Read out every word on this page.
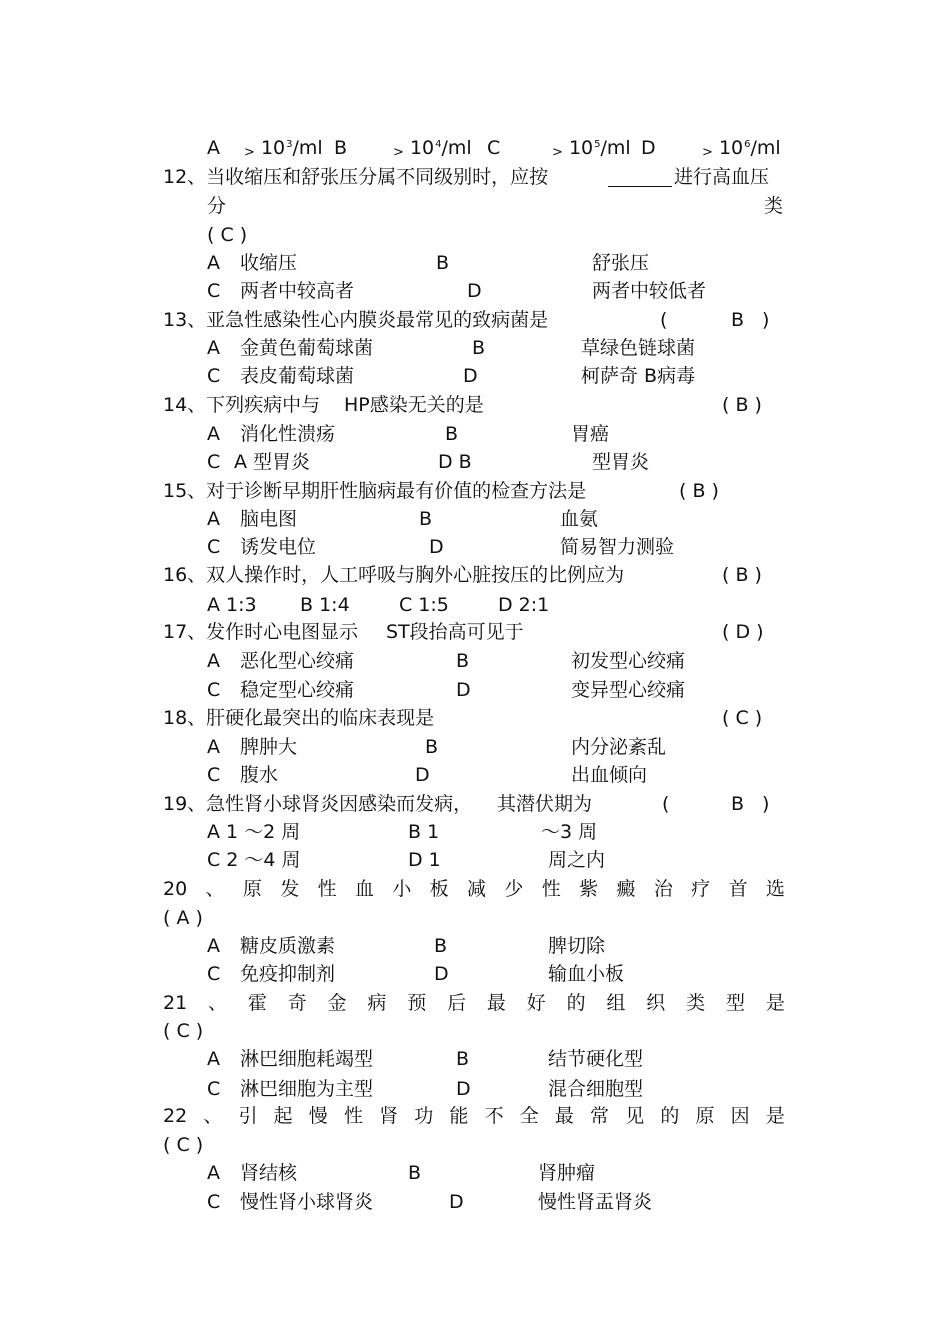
$A > 10^3/ml$ B	> $10^4/ml$ C	> $10^5/ml$ D	> $10^6/ml$
12、当收缩压和舒张压分属不同级别时，应按	进行高血压
分	类
( C )
A 收缩压	B	舒张压
C 两者中较高者	D	两者中较低者
13、亚急性感染性心内膜炎最常见的致病菌是	(	B )
A 金黄色葡萄球菌	B	草绿色链球菌
C 表皮葡萄球菌	D	柯萨奇 B病毒
14、下列疾病中与 HP感染无关的是	( B )
A 消化性溃疡	B	胃癌
C A 型胃炎	D B	型胃炎
15、对于诊断早期肝性脑病最有价值的检查方法是	( B )
A 脑电图	B	血氨
C 诱发电位	D	简易智力测验
16、双人操作时，人工呼吸与胸外心脏按压的比例应为	( B )
A 1:3 B 1:4	C 1:5	D 2:1
17、发作时心电图显示 ST段抬高可见于	( D )
A 恶化型心绞痛	B	初发型心绞痛
C 稳定型心绞痛	D	变异型心绞痛
18、肝硬化最突出的临床表现是	( C )
A 脾肿大	B	内分泌紊乱
C 腹水	D	出血倾向
19、急性肾小球肾炎因感染而发病， 其潜伏期为	(	B )
A 1 ～2 周	B 1	～3 周
C 2 ～4 周	D 1	周之内
20 、 原 发 性 血 小 板 减 少 性 紫 癜 治 疗 首 选
( A )
A 糖皮质激素	B	脾切除
C 免疫抑制剂	D	输血小板
21 、 霍 奇 金 病 预 后 最 好 的 组 织 类 型 是
( C )
A 淋巴细胞耗竭型	B	结节硬化型
C 淋巴细胞为主型	D	混合细胞型
22 、 引 起 慢 性 肾 功 能 不 全 最 常 见 的 原 因 是
( C )
A 肾结核	B	肾肿瘤
C 慢性肾小球肾炎	D	慢性肾盂肾炎
